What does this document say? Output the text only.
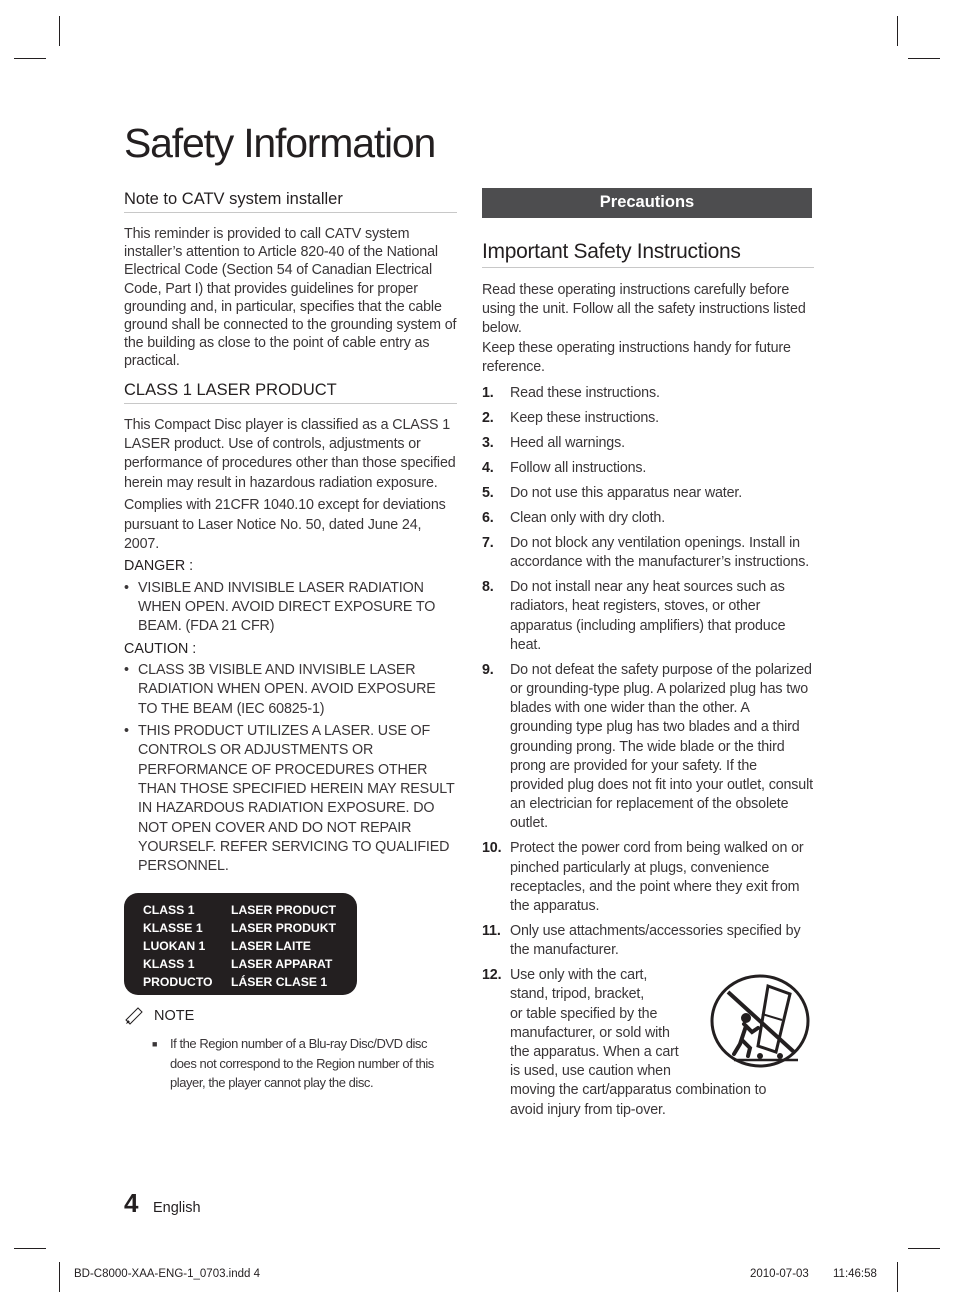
Safety Information
Note to CATV system installer

This reminder is provided to call CATV system installer’s attention to Article 820-40 of the National Electrical Code (Section 54 of Canadian Electrical Code, Part I) that provides guidelines for proper grounding and, in particular, specifies that the cable ground shall be connected to the grounding system of the building as close to the point of cable entry as practical.

CLASS 1 LASER PRODUCT

This Compact Disc player is classified as a CLASS 1 LASER product. Use of controls, adjustments or performance of procedures other than those specified herein may result in hazardous radiation exposure.

Complies with 21CFR 1040.10 except for deviations pursuant to Laser Notice No. 50, dated June 24, 2007.

DANGER :

• VISIBLE AND INVISIBLE LASER RADIATION WHEN OPEN. AVOID DIRECT EXPOSURE TO BEAM. (FDA 21 CFR)

CAUTION :

• CLASS 3B VISIBLE AND INVISIBLE LASER RADIATION WHEN OPEN. AVOID EXPOSURE TO THE BEAM (IEC 60825-1)
• THIS PRODUCT UTILIZES A LASER. USE OF CONTROLS OR ADJUSTMENTS OR PERFORMANCE OF PROCEDURES OTHER THAN THOSE SPECIFIED HEREIN MAY RESULT IN HAZARDOUS RADIATION EXPOSURE. DO NOT OPEN COVER AND DO NOT REPAIR YOURSELF. REFER SERVICING TO QUALIFIED PERSONNEL.
CLASS 1	LASER PRODUCT
KLASSE 1	LASER PRODUKT
LUOKAN 1	LASER LAITE
KLASS 1	LASER APPARAT
PRODUCTO	LÁSER CLASE 1
NOTE
■	If the Region number of a Blu-ray Disc/DVD disc does not correspond to the Region number of this player, the player cannot play the disc.
Precautions
Important Safety Instructions

Read these operating instructions carefully before using the unit. Follow all the safety instructions listed below.

Keep these operating instructions handy for future reference.

1.	Read these instructions.
2.	Keep these instructions.
3.	Heed all warnings.
4.	Follow all instructions.
5.	Do not use this apparatus near water.
6.	Clean only with dry cloth.
7.	Do not block any ventilation openings. Install in accordance with the manufacturer’s instructions.
8.	Do not install near any heat sources such as radiators, heat registers, stoves, or other apparatus (including amplifiers) that produce heat.
9.	Do not defeat the safety purpose of the polarized or grounding-type plug. A polarized plug has two blades with one wider than the other. A grounding type plug has two blades and a third grounding prong. The wide blade or the third prong are provided for your safety. If the provided plug does not fit into your outlet, consult an electrician for replacement of the obsolete outlet.
10. Protect the power cord from being walked on or pinched particularly at plugs, convenience receptacles, and the point where they exit from the apparatus.
11. Only use attachments/accessories specified by the manufacturer.
12. Use only with the cart,
stand, tripod, bracket,
or table specified by the
manufacturer, or sold with
the apparatus. When a cart
is used, use caution when
moving the cart/apparatus combination to
avoid injury from tip-over.
4 English
BD-C8000-XAA-ENG-1_0703.indd 4	2010-07-03 11:46:58
